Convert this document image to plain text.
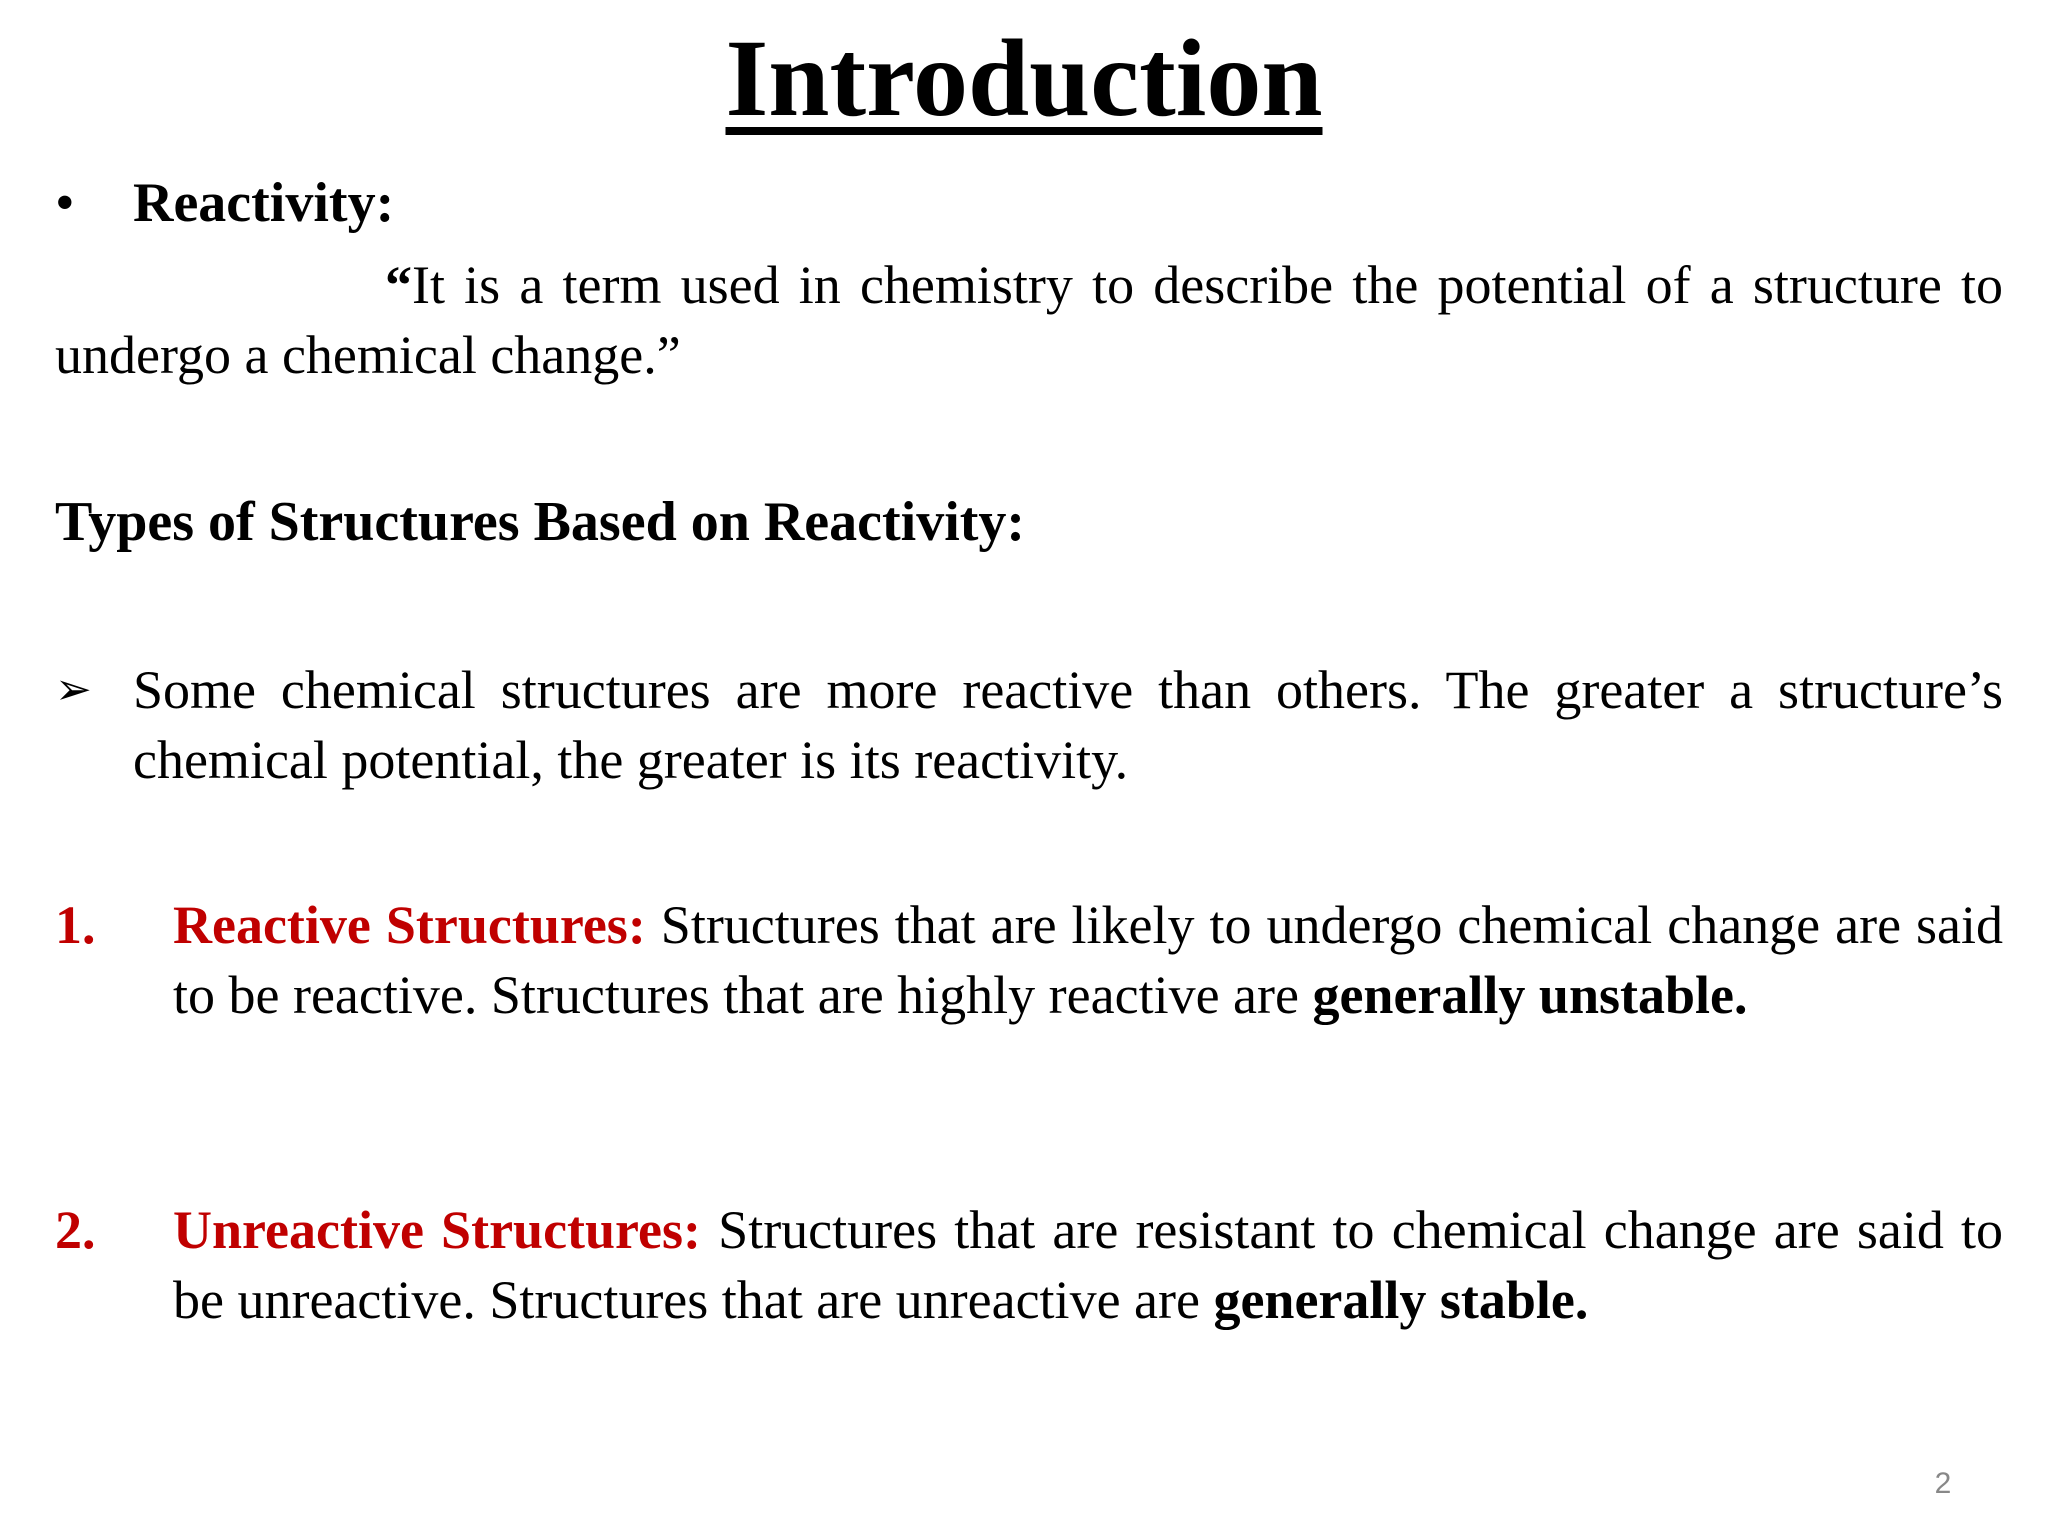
Introduction
• Reactivity:

“It is a term used in chemistry to describe the potential of a structure to undergo a chemical change.”

Types of Structures Based on Reactivity:
➢ Some chemical structures are more reactive than others. The greater a structure’s chemical potential, the greater is its reactivity.
1. Reactive Structures: Structures that are likely to undergo chemical change are said to be reactive. Structures that are highly reactive are generally unstable.
2. Unreactive Structures: Structures that are resistant to chemical change are said to be unreactive. Structures that are unreactive are generally stable.
2
